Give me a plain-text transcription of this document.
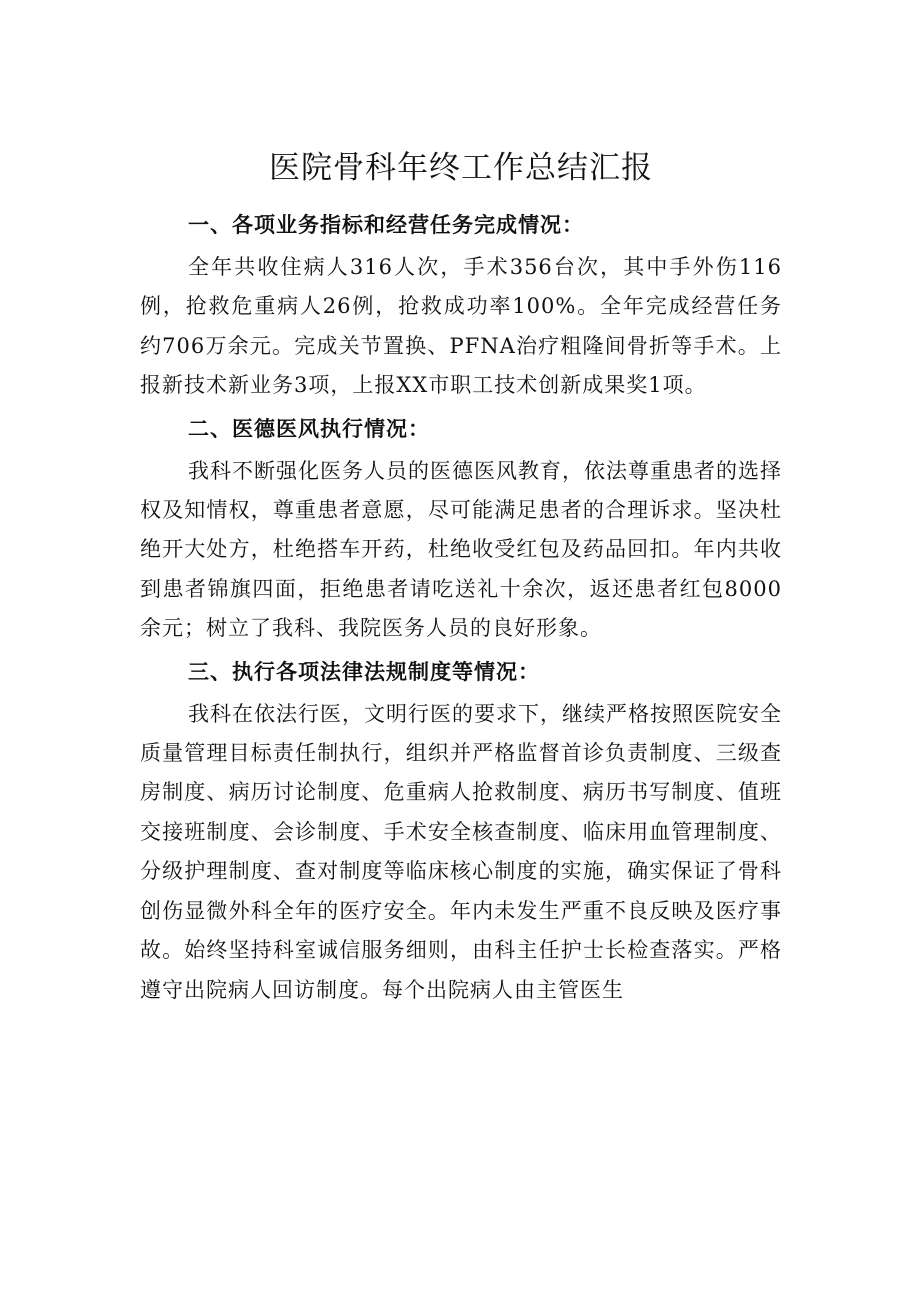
医院骨科年终工作总结汇报
一、各项业务指标和经营任务完成情况：

全年共收住病人316人次，手术356台次，其中手外伤116例，抢救危重病人26例，抢救成功率100%。全年完成经营任务约706万余元。完成关节置换、PFNA治疗粗隆间骨折等手术。上报新技术新业务3项，上报XX市职工技术创新成果奖1项。

二、医德医风执行情况：

我科不断强化医务人员的医德医风教育，依法尊重患者的选择权及知情权，尊重患者意愿，尽可能满足患者的合理诉求。坚决杜绝开大处方，杜绝搭车开药，杜绝收受红包及药品回扣。年内共收到患者锦旗四面，拒绝患者请吃送礼十余次，返还患者红包8000余元；树立了我科、我院医务人员的良好形象。

三、执行各项法律法规制度等情况：

我科在依法行医，文明行医的要求下，继续严格按照医院安全质量管理目标责任制执行，组织并严格监督首诊负责制度、三级查房制度、病历讨论制度、危重病人抢救制度、病历书写制度、值班交接班制度、会诊制度、手术安全核查制度、临床用血管理制度、分级护理制度、查对制度等临床核心制度的实施，确实保证了骨科创伤显微外科全年的医疗安全。年内未发生严重不良反映及医疗事故。始终坚持科室诚信服务细则，由科主任护士长检查落实。严格遵守出院病人回访制度。每个出院病人由主管医生
